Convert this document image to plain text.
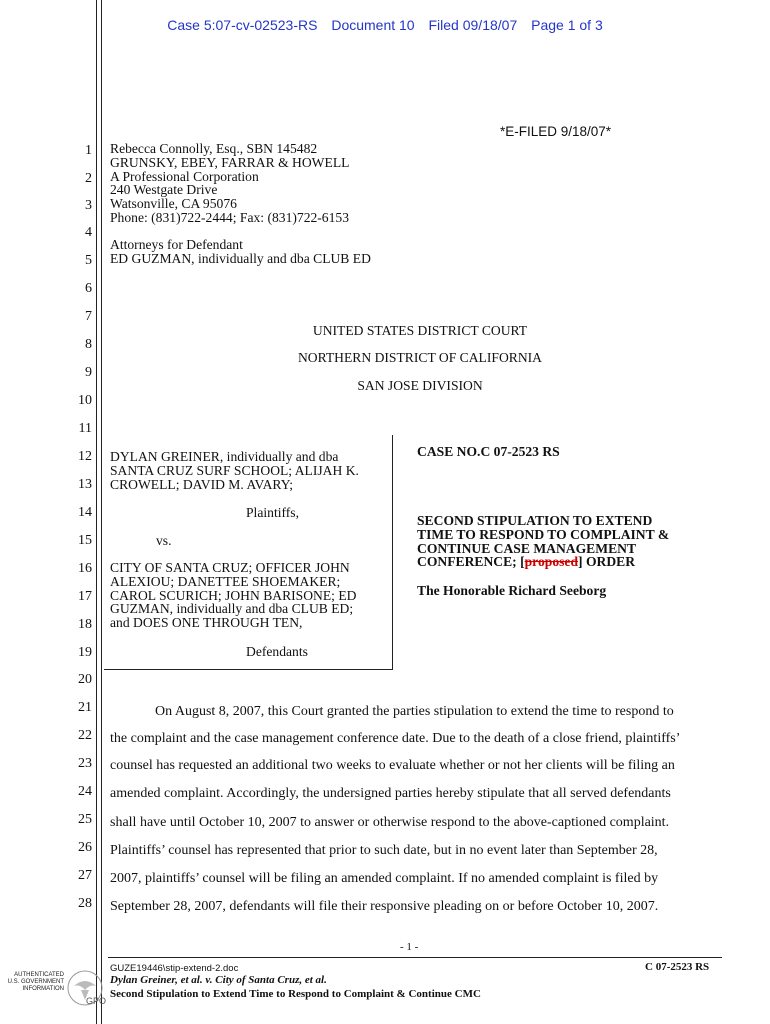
Case 5:07-cv-02523-RS Document 10 Filed 09/18/07 Page 1 of 3
*E-FILED 9/18/07*
1
2
3
4
5
6
7
8
9
10
11
12
13
14
15
16
17
18
19
20
21
22
23
24
25
26
27
28
Rebecca Connolly, Esq., SBN 145482
GRUNSKY, EBEY, FARRAR & HOWELL
A Professional Corporation
240 Westgate Drive
Watsonville, CA 95076
Phone: (831)722-2444; Fax: (831)722-6153
Attorneys for Defendant
ED GUZMAN, individually and dba CLUB ED
UNITED STATES DISTRICT COURT
NORTHERN DISTRICT OF CALIFORNIA
SAN JOSE DIVISION
DYLAN GREINER, individually and dba
SANTA CRUZ SURF SCHOOL; ALIJAH K.
CROWELL; DAVID M. AVARY;
Plaintiffs,
vs.
CITY OF SANTA CRUZ; OFFICER JOHN
ALEXIOU; DANETTEE SHOEMAKER;
CAROL SCURICH; JOHN BARISONE; ED
GUZMAN, individually and dba CLUB ED;
and DOES ONE THROUGH TEN,
Defendants
CASE NO.C 07-2523 RS
SECOND STIPULATION TO EXTEND
TIME TO RESPOND TO COMPLAINT &
CONTINUE CASE MANAGEMENT
CONFERENCE; [proposed] ORDER
The Honorable Richard Seeborg
On August 8, 2007, this Court granted the parties stipulation to extend the time to respond to
the complaint and the case management conference date. Due to the death of a close friend, plaintiffs’
counsel has requested an additional two weeks to evaluate whether or not her clients will be filing an
amended complaint. Accordingly, the undersigned parties hereby stipulate that all served defendants
shall have until October 10, 2007 to answer or otherwise respond to the above-captioned complaint.
Plaintiffs’ counsel has represented that prior to such date, but in no event later than September 28,
2007, plaintiffs’ counsel will be filing an amended complaint. If no amended complaint is filed by
September 28, 2007, defendants will file their responsive pleading on or before October 10, 2007.
- 1 -
GUZE19446\stip-extend-2.doc	C 07-2523 RS
Dylan Greiner, et al. v. City of Santa Cruz, et al.
Second Stipulation to Extend Time to Respond to Complaint & Continue CMC
AUTHENTICATED
U.S. GOVERNMENT
INFORMATION
GPO
